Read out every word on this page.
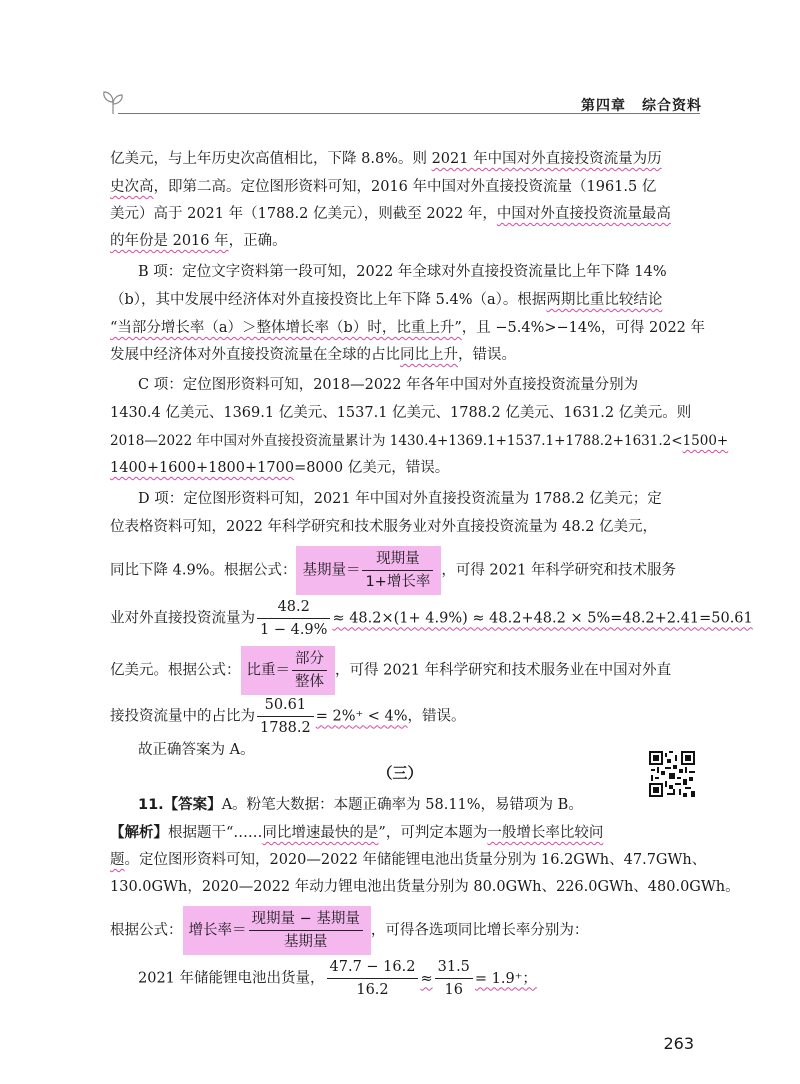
第四章 综合资料
亿美元，与上年历史次高值相比，下降 8.8%。则 2021 年中国对外直接投资流量为历
史次高，即第二高。定位图形资料可知，2016 年中国对外直接投资流量（1961.5 亿
美元）高于 2021 年（1788.2 亿美元），则截至 2022 年，中国对外直接投资流量最高
的年份是 2016 年，正确。
B 项：定位文字资料第一段可知，2022 年全球对外直接投资流量比上年下降 14%
（b），其中发展中经济体对外直接投资比上年下降 5.4%（a）。根据两期比重比较结论
“当部分增长率（a）＞整体增长率（b）时，比重上升”，且 −5.4%>−14%，可得 2022 年
发展中经济体对外直接投资流量在全球的占比同比上升，错误。
C 项：定位图形资料可知，2018—2022 年各年中国对外直接投资流量分别为
1430.4 亿美元、1369.1 亿美元、1537.1 亿美元、1788.2 亿美元、1631.2 亿美元。则
2018—2022 年中国对外直接投资流量累计为 1430.4+1369.1+1537.1+1788.2+1631.2<1500+
1400+1600+1800+1700=8000 亿美元，错误。
D 项：定位图形资料可知，2021 年中国对外直接投资流量为 1788.2 亿美元；定
位表格资料可知，2022 年科学研究和技术服务业对外直接投资流量为 48.2 亿美元，
同比下降 4.9%。根据公式： 基期量＝ $\frac{\text{现期量}}{\text{1+增长率}}$ ，可得 2021 年科学研究和技术服务
业对外直接投资流量为 $\frac{48.2}{1 - 4.9\%} \approx 48.2\times(1+ 4.9\%) \approx 48.2+48.2 \times 5\%=48.2+2.41=50.61$
亿美元。根据公式： 比重＝ $\frac{\text{部分}}{\text{整体}}$ ，可得 2021 年科学研究和技术服务业在中国对外直
接投资流量中的占比为 $\frac{50.61}{1788.2} = 2\%^+ < 4\%$，错误。
故正确答案为 A。
（三）
11.【答案】A。粉笔大数据：本题正确率为 58.11%，易错项为 B。
【解析】根据题干“……同比增速最快的是”，可判定本题为一般增长率比较问
题。定位图形资料可知，2020—2022 年储能锂电池出货量分别为 16.2GWh、47.7GWh、
130.0GWh，2020—2022 年动力锂电池出货量分别为 80.0GWh、226.0GWh、480.0GWh。
根据公式： 增长率＝ $\frac{\text{现期量 − 基期量}}{\text{基期量}}$ ，可得各选项同比增长率分别为：
2021 年储能锂电池出货量， $\frac{47.7 - 16.2}{16.2} \approx \frac{31.5}{16} = 1.9^+$；
263
